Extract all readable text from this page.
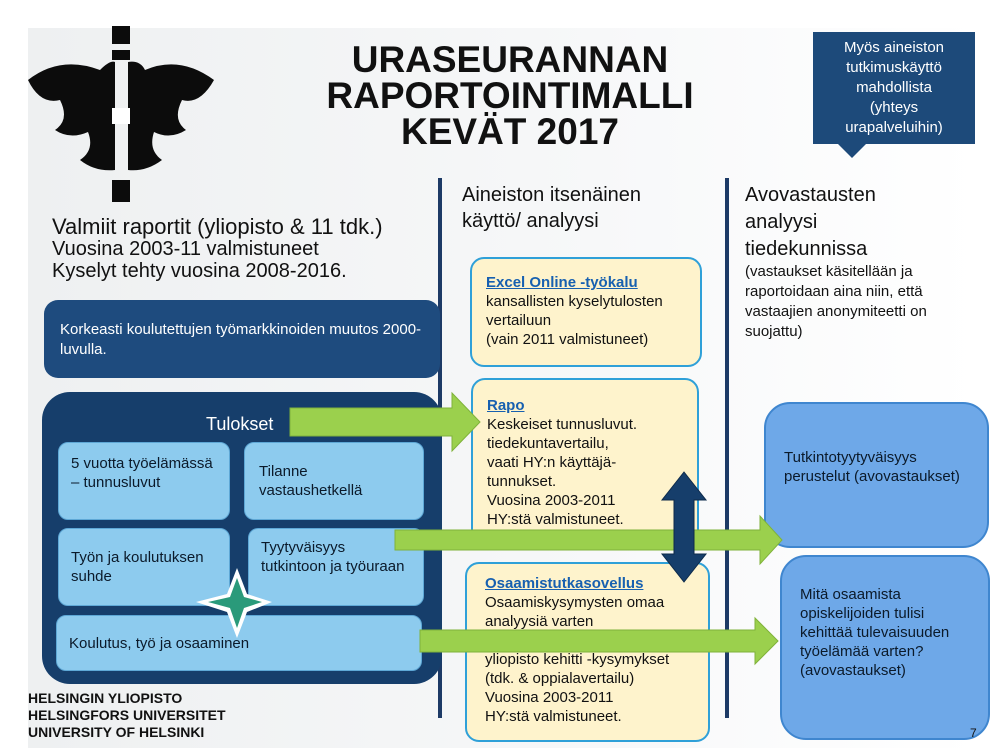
URASEURANNAN
RAPORTOINTIMALLI
KEVÄT 2017
Myös aineiston
tutkimuskäyttö
mahdollista
(yhteys
urapalveluihin)
Valmiit raportit (yliopisto & 11 tdk.)
Vuosina 2003-11 valmistuneet
Kyselyt tehty vuosina 2008-2016.
Korkeasti koulutettujen työmarkkinoiden muutos 2000-luvulla.
Tulokset
5 vuotta työelämässä – tunnusluvut
Tilanne vastaushetkellä
Työn ja koulutuksen suhde
Tyytyväisyys tutkintoon ja työuraan
Koulutus, työ ja osaaminen
Aineiston itsenäinen
käyttö/ analyysi
Excel Online -työkalu
kansallisten kyselytulosten
vertailuun
(vain 2011 valmistuneet)
Rapo
Keskeiset tunnusluvut.
tiedekuntavertailu,
vaati HY:n käyttäjä-
tunnukset.
Vuosina 2003-2011
HY:stä valmistuneet.
Osaamistutkasovellus
Osaamiskysymysten omaa
analyysiä varten
yliopisto kehitti -kysymykset
(tdk. & oppialavertailu)
Vuosina 2003-2011
HY:stä valmistuneet.
Avovastausten
analyysi
tiedekunnissa
(vastaukset käsitellään ja raportoidaan aina niin, että vastaajien anonymiteetti on suojattu)
Tutkintotyytyväisyys perustelut (avovastaukset)
Mitä osaamista opiskelijoiden tulisi kehittää tulevaisuuden työelämää varten? (avovastaukset)
HELSINGIN YLIOPISTO
HELSINGFORS UNIVERSITET
UNIVERSITY OF HELSINKI	7
